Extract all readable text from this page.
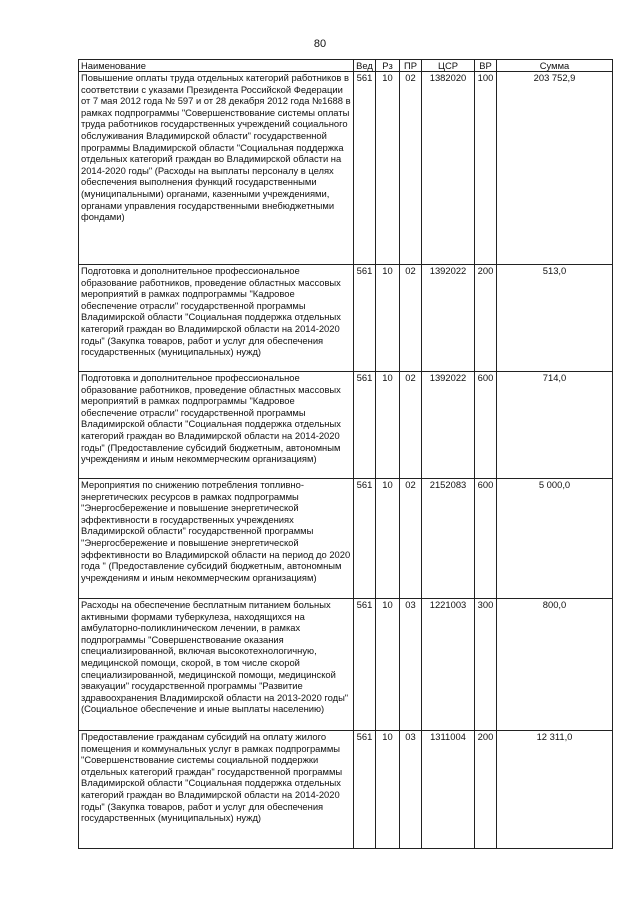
80
Наименование	Вед	Рз	ПР	ЦСР	ВР	Сумма
Повышение оплаты труда отдельных категорий работников в соответствии с указами Президента Российской Федерации от 7 мая 2012 года № 597 и от 28 декабря 2012 года №1688 в рамках подпрограммы "Совершенствование системы оплаты труда работников государственных учреждений социального обслуживания Владимирской области" государственной программы Владимирской области "Социальная поддержка отдельных категорий граждан во Владимирской области на 2014-2020 годы" (Расходы на выплаты персоналу в целях обеспечения выполнения функций государственными (муниципальными) органами, казенными учреждениями, органами управления государственными внебюджетными фондами)	561	10	02	1382020	100	203 752,9
Подготовка и дополнительное профессиональное образование работников, проведение областных массовых мероприятий в рамках подпрограммы "Кадровое обеспечение отрасли" государственной программы Владимирской области "Социальная поддержка отдельных категорий граждан во Владимирской области на 2014-2020 годы" (Закупка товаров, работ и услуг для обеспечения государственных (муниципальных) нужд)	561	10	02	1392022	200	513,0
Подготовка и дополнительное профессиональное образование работников, проведение областных массовых мероприятий в рамках подпрограммы "Кадровое обеспечение отрасли" государственной программы Владимирской области "Социальная поддержка отдельных категорий граждан во Владимирской области на 2014-2020 годы" (Предоставление субсидий бюджетным, автономным учреждениям и иным некоммерческим организациям)	561	10	02	1392022	600	714,0
Мероприятия по снижению потребления топливно-энергетических ресурсов в рамках подпрограммы "Энергосбережение и повышение энергетической эффективности в государственных учреждениях Владимирской области" государственной программы "Энергосбережение и повышение энергетической эффективности во Владимирской области на период до 2020 года " (Предоставление субсидий бюджетным, автономным учреждениям и иным некоммерческим организациям)	561	10	02	2152083	600	5 000,0
Расходы на обеспечение бесплатным питанием больных активными формами туберкулеза, находящихся на амбулаторно-поликлиническом лечении, в рамках подпрограммы "Совершенствование оказания специализированной, включая высокотехнологичную, медицинской помощи, скорой, в том числе скорой специализированной, медицинской помощи, медицинской эвакуации" государственной программы "Развитие здравоохранения Владимирской области на 2013-2020 годы" (Социальное обеспечение и иные выплаты населению)	561	10	03	1221003	300	800,0
Предоставление гражданам субсидий на оплату жилого помещения и коммунальных услуг в рамках подпрограммы "Совершенствование системы социальной поддержки отдельных категорий граждан" государственной программы Владимирской области "Социальная поддержка отдельных категорий граждан во Владимирской области на 2014-2020 годы" (Закупка товаров, работ и услуг для обеспечения государственных (муниципальных) нужд)	561	10	03	1311004	200	12 311,0
